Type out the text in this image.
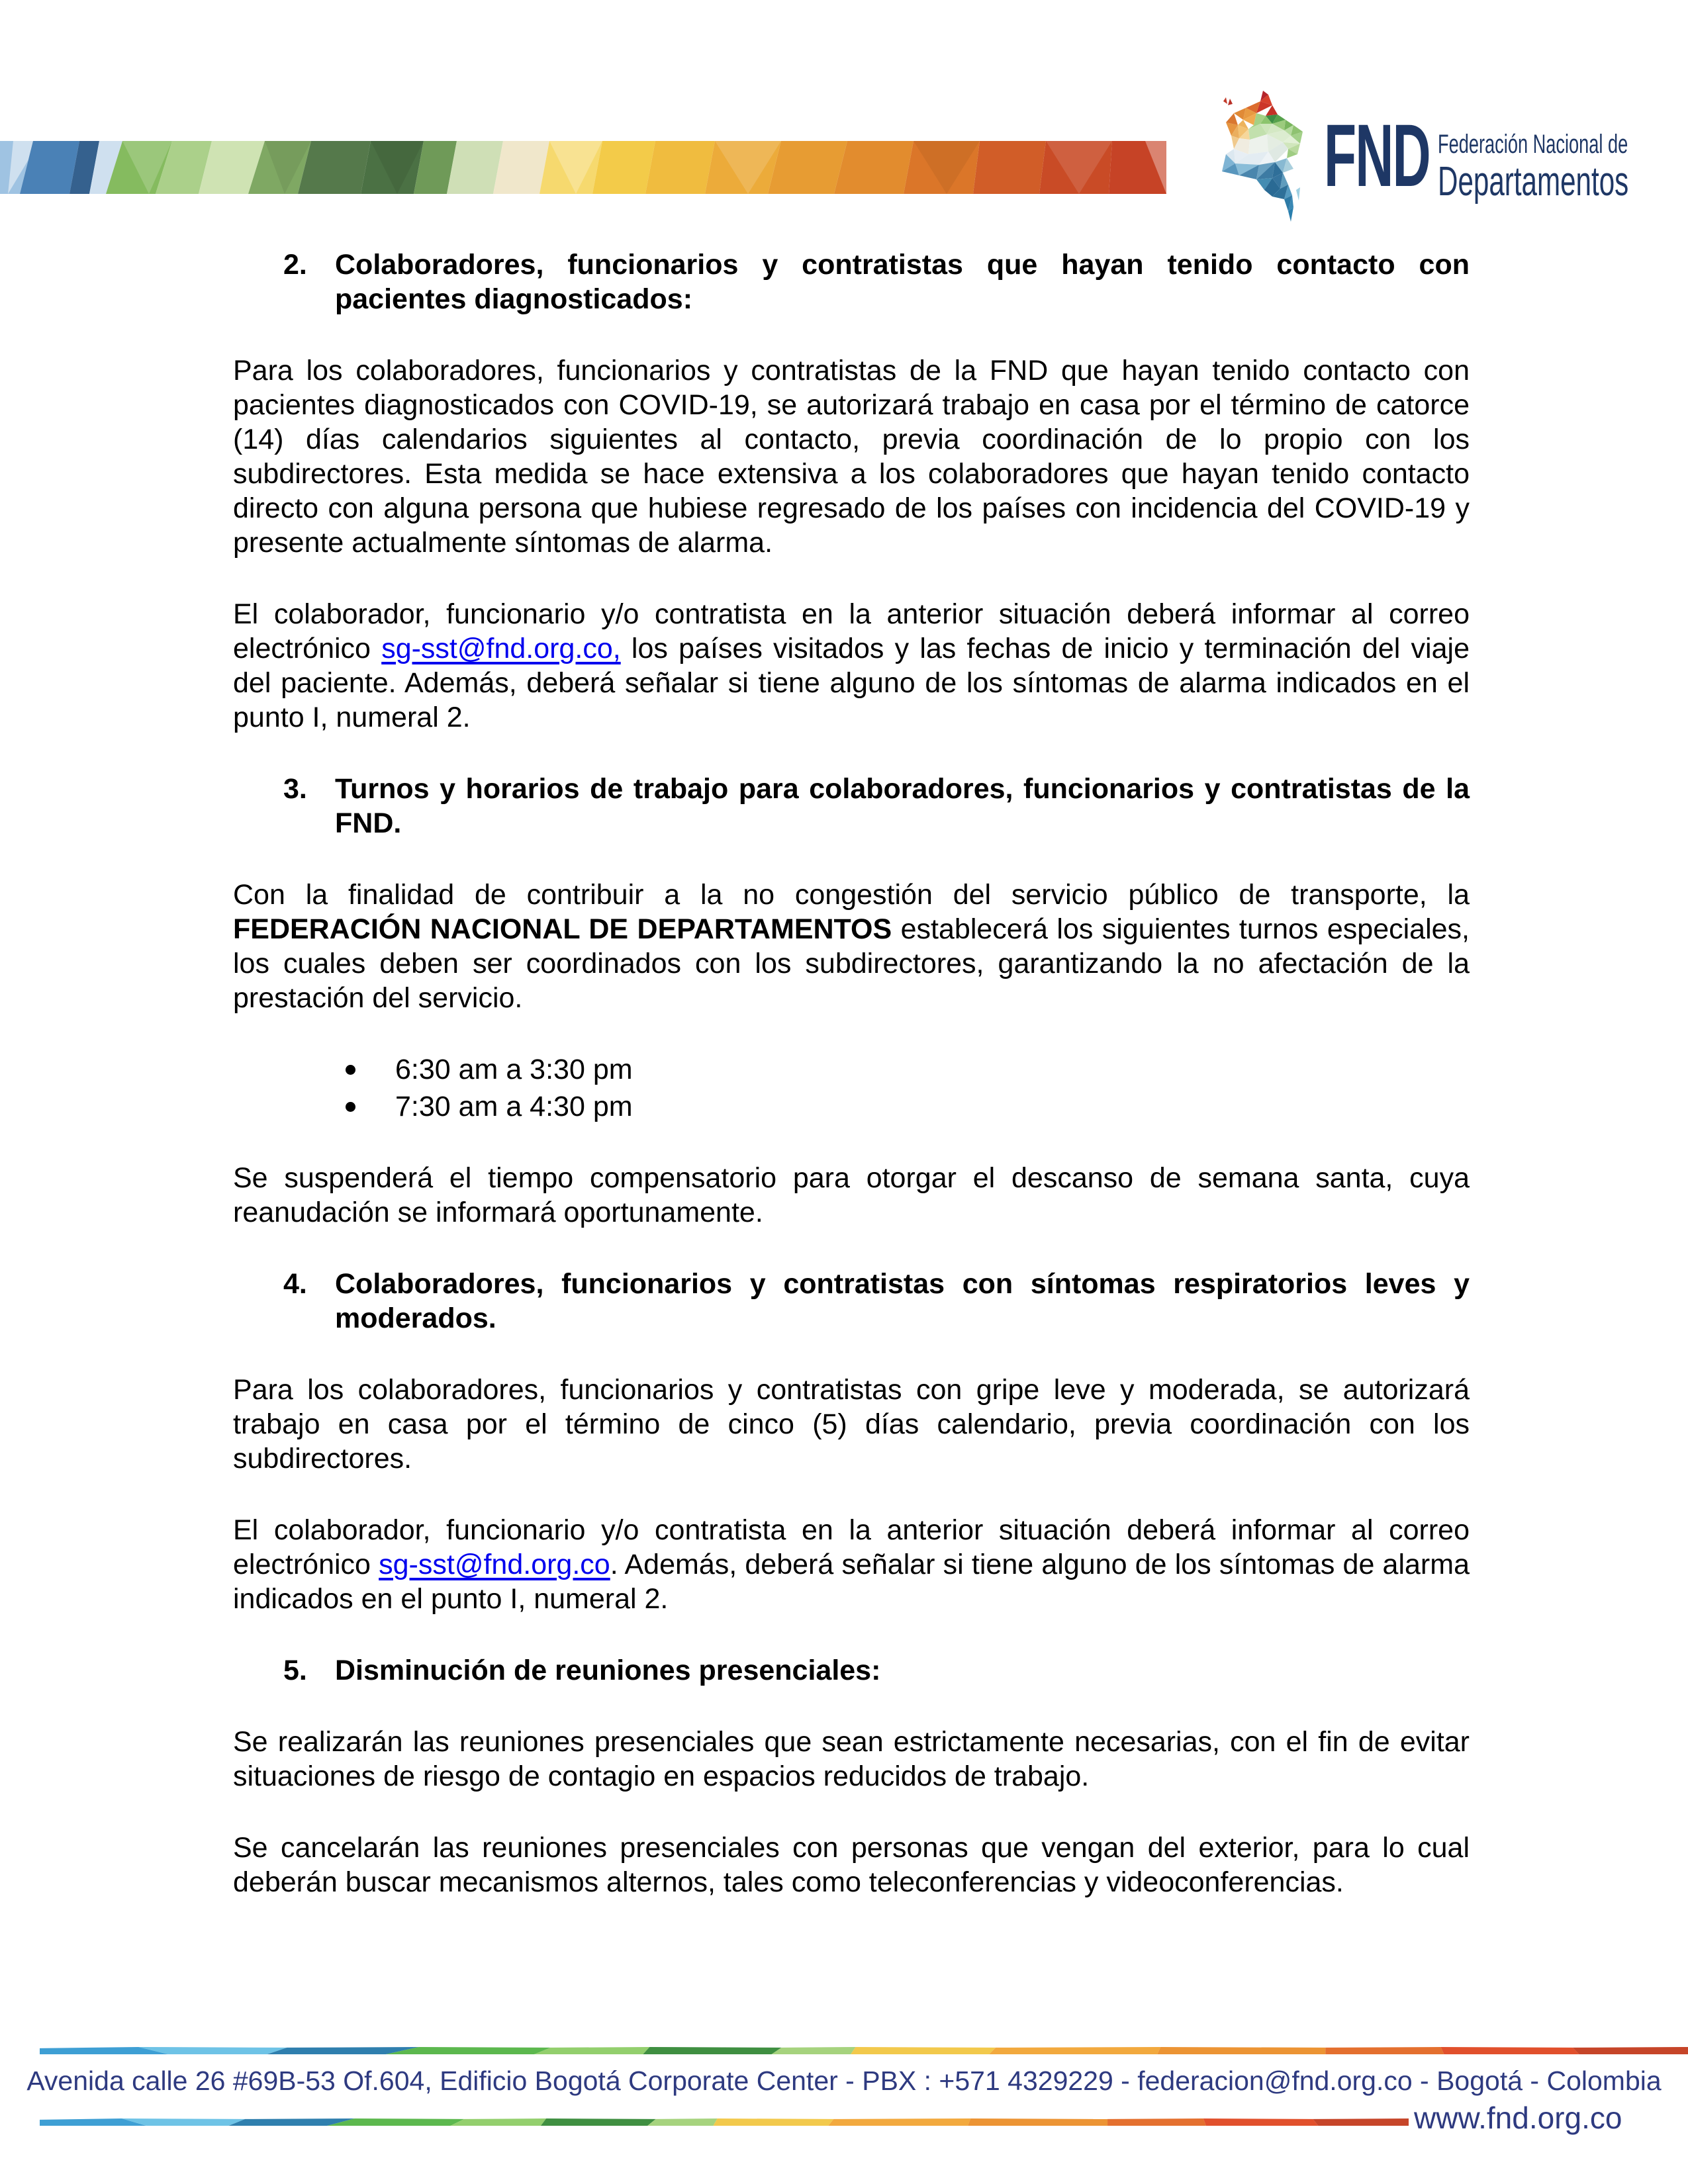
FND Federación Nacional de
Departamentos
2. Colaboradores, funcionarios y contratistas que hayan tenido contacto con pacientes diagnosticados:

Para los colaboradores, funcionarios y contratistas de la FND que hayan tenido contacto con pacientes diagnosticados con COVID-19, se autorizará trabajo en casa por el término de catorce (14) días calendarios siguientes al contacto, previa coordinación de lo propio con los subdirectores. Esta medida se hace extensiva a los colaboradores que hayan tenido contacto directo con alguna persona que hubiese regresado de los países con incidencia del COVID-19 y presente actualmente síntomas de alarma.

El colaborador, funcionario y/o contratista en la anterior situación deberá informar al correo electrónico sg-sst@fnd.org.co, los países visitados y las fechas de inicio y terminación del viaje del paciente. Además, deberá señalar si tiene alguno de los síntomas de alarma indicados en el punto I, numeral 2.

3. Turnos y horarios de trabajo para colaboradores, funcionarios y contratistas de la FND.

Con la finalidad de contribuir a la no congestión del servicio público de transporte, la FEDERACIÓN NACIONAL DE DEPARTAMENTOS establecerá los siguientes turnos especiales, los cuales deben ser coordinados con los subdirectores, garantizando la no afectación de la prestación del servicio.

6:30 am a 3:30 pm
7:30 am a 4:30 pm

Se suspenderá el tiempo compensatorio para otorgar el descanso de semana santa, cuya reanudación se informará oportunamente.

4. Colaboradores, funcionarios y contratistas con síntomas respiratorios leves y moderados.

Para los colaboradores, funcionarios y contratistas con gripe leve y moderada, se autorizará trabajo en casa por el término de cinco (5) días calendario, previa coordinación con los subdirectores.

El colaborador, funcionario y/o contratista en la anterior situación deberá informar al correo electrónico sg-sst@fnd.org.co. Además, deberá señalar si tiene alguno de los síntomas de alarma indicados en el punto I, numeral 2.

5. Disminución de reuniones presenciales:

Se realizarán las reuniones presenciales que sean estrictamente necesarias, con el fin de evitar situaciones de riesgo de contagio en espacios reducidos de trabajo.

Se cancelarán las reuniones presenciales con personas que vengan del exterior, para lo cual deberán buscar mecanismos alternos, tales como teleconferencias y videoconferencias.

Avenida calle 26 #69B-53 Of.604, Edificio Bogotá Corporate Center - PBX : +571 4329229 - federacion@fnd.org.co - Bogotá - Colombia
www.fnd.org.co
